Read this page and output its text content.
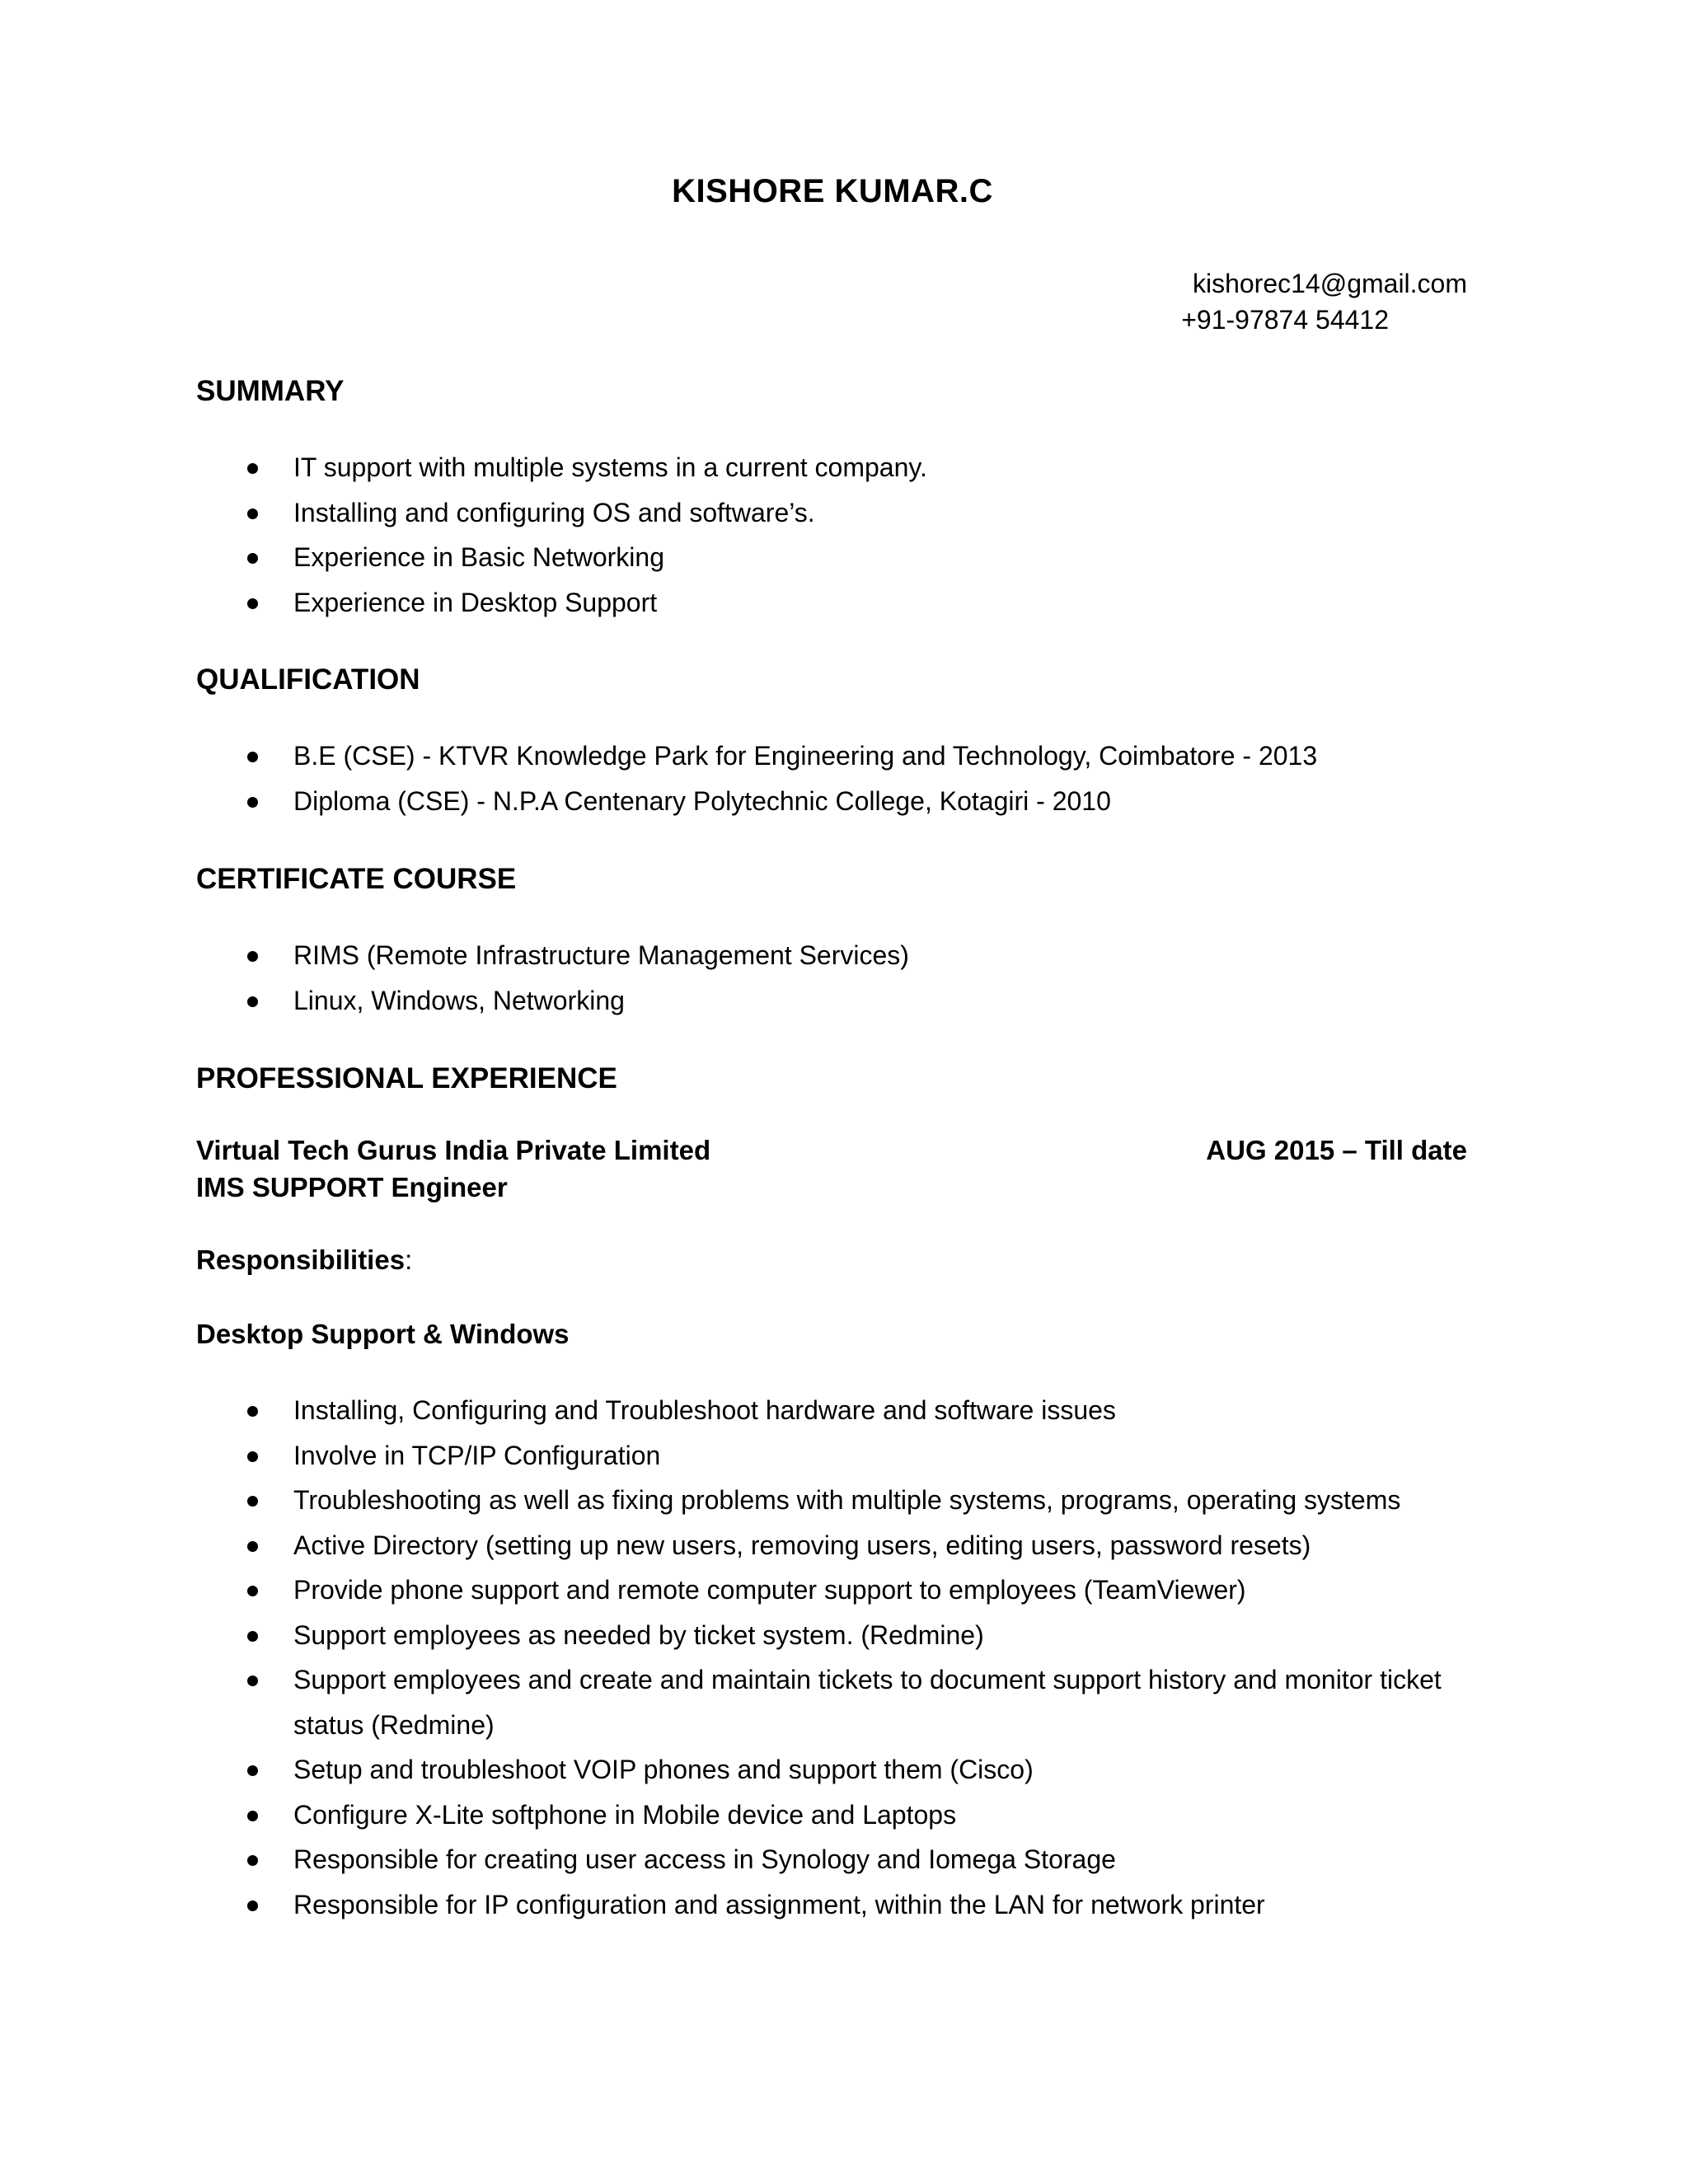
KISHORE KUMAR.C
kishorec14@gmail.com
+91-97874 54412
SUMMARY
IT support with multiple systems in a current company.
Installing and configuring OS and software’s.
Experience in Basic Networking
Experience in Desktop Support
QUALIFICATION
B.E (CSE) - KTVR Knowledge Park for Engineering and Technology, Coimbatore - 2013
Diploma (CSE) - N.P.A Centenary Polytechnic College, Kotagiri - 2010
CERTIFICATE COURSE
RIMS (Remote Infrastructure Management Services)
Linux, Windows, Networking
PROFESSIONAL EXPERIENCE
Virtual Tech Gurus India Private Limited	AUG 2015 – Till date
IMS SUPPORT Engineer
Responsibilities:
Desktop Support & Windows
Installing, Configuring and Troubleshoot hardware and software issues
Involve in TCP/IP Configuration
Troubleshooting as well as fixing problems with multiple systems, programs, operating systems
Active Directory (setting up new users, removing users, editing users, password resets)
Provide phone support and remote computer support to employees (TeamViewer)
Support employees as needed by ticket system. (Redmine)
Support employees and create and maintain tickets to document support history and monitor ticket status (Redmine)
Setup and troubleshoot VOIP phones and support them (Cisco)
Configure X-Lite softphone in Mobile device and Laptops
Responsible for creating user access in Synology and Iomega Storage
Responsible for IP configuration and assignment, within the LAN for network printer
